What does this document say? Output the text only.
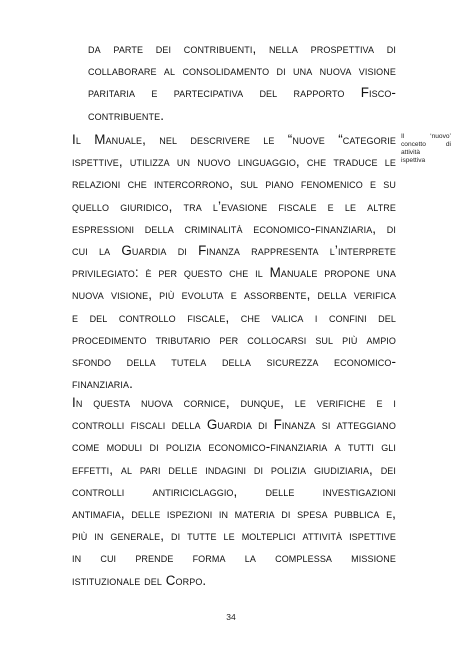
da parte dei contribuenti, nella prospettiva di
collaborare al consolidamento di una nuova visione
paritaria e partecipativa del rapporto Fisco-
contribuente.
Il Manuale, nel descrivere le “nuove “categorie
ispettive, utilizza un nuovo linguaggio, che traduce le
relazioni che intercorrono, sul piano fenomenico e su
quello giuridico, tra l’evasione fiscale e le altre
espressioni della criminalità economico-finanziaria, di
cui la Guardia di Finanza rappresenta l’interprete
privilegiato: è per questo che il Manuale propone una
nuova visione, più evoluta e assorbente, della verifica
e del controllo fiscale, che valica i confini del
procedimento tributario per collocarsi sul più ampio
sfondo della tutela della sicurezza economico-
finanziaria.
In questa nuova cornice, dunque, le verifiche e i
controlli fiscali della Guardia di Finanza si atteggiano
come moduli di polizia economico-finanziaria a tutti gli
effetti, al pari delle indagini di polizia giudiziaria, dei
controlli antiriciclaggio, delle investigazioni
antimafia, delle ispezioni in materia di spesa pubblica e,
più in generale, di tutte le molteplici attività ispettive
in cui prende forma la complessa missione
istituzionale del Corpo.
Il ‘nuovo’
concetto di
attività
ispettiva
34
